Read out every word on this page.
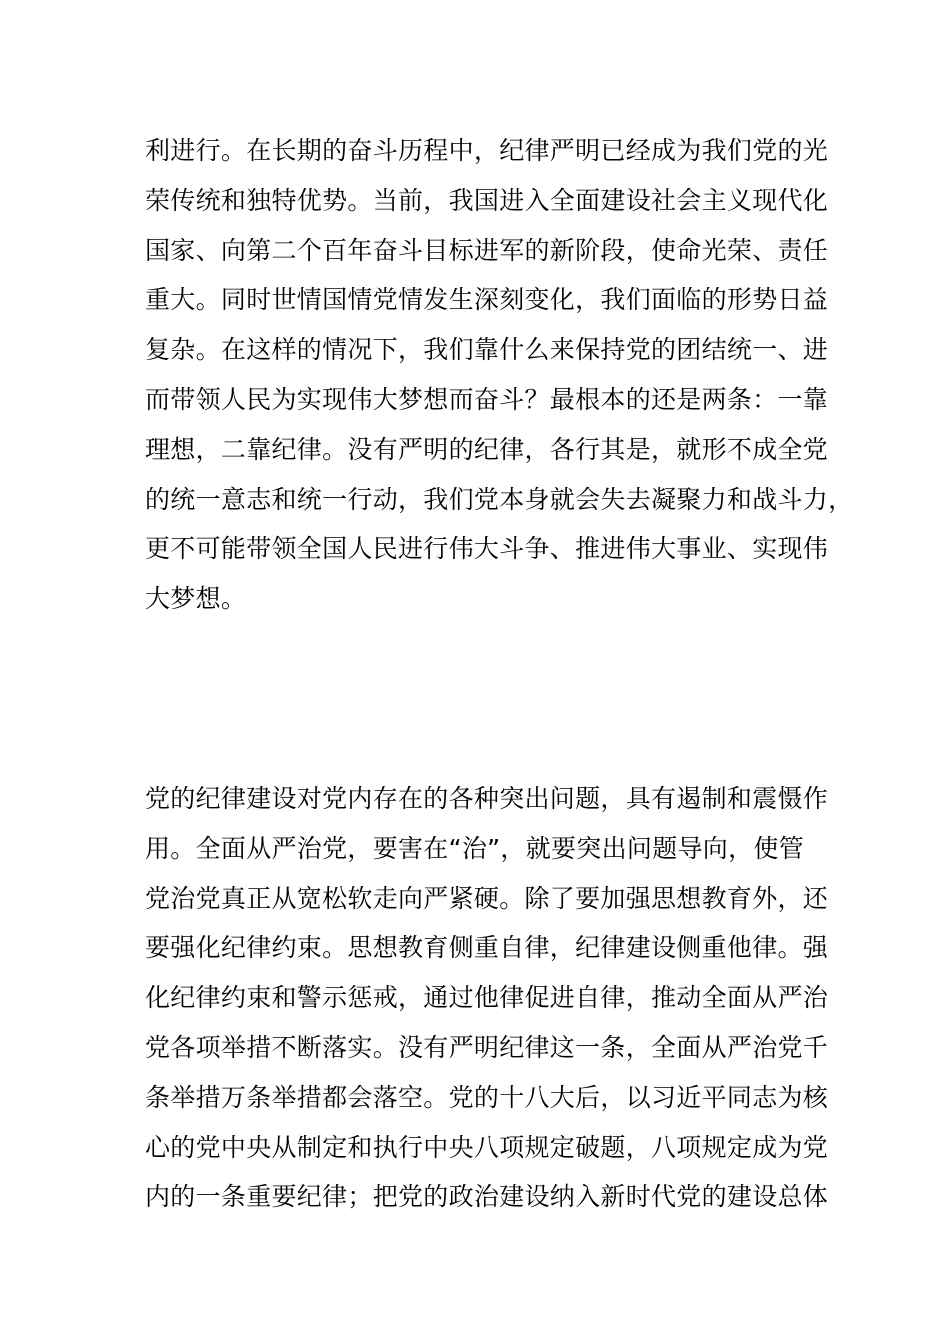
利进行。在长期的奋斗历程中，纪律严明已经成为我们党的光
荣传统和独特优势。当前，我国进入全面建设社会主义现代化
国家、向第二个百年奋斗目标进军的新阶段，使命光荣、责任
重大。同时世情国情党情发生深刻变化，我们面临的形势日益
复杂。在这样的情况下，我们靠什么来保持党的团结统一、进
而带领人民为实现伟大梦想而奋斗？最根本的还是两条：一靠
理想，二靠纪律。没有严明的纪律，各行其是，就形不成全党
的统一意志和统一行动，我们党本身就会失去凝聚力和战斗力，
更不可能带领全国人民进行伟大斗争、推进伟大事业、实现伟
大梦想。
党的纪律建设对党内存在的各种突出问题，具有遏制和震慑作
用。全面从严治党，要害在“治”，就要突出问题导向，使管
党治党真正从宽松软走向严紧硬。除了要加强思想教育外，还
要强化纪律约束。思想教育侧重自律，纪律建设侧重他律。强
化纪律约束和警示惩戒，通过他律促进自律，推动全面从严治
党各项举措不断落实。没有严明纪律这一条，全面从严治党千
条举措万条举措都会落空。党的十八大后，以习近平同志为核
心的党中央从制定和执行中央八项规定破题，八项规定成为党
内的一条重要纪律；把党的政治建设纳入新时代党的建设总体
